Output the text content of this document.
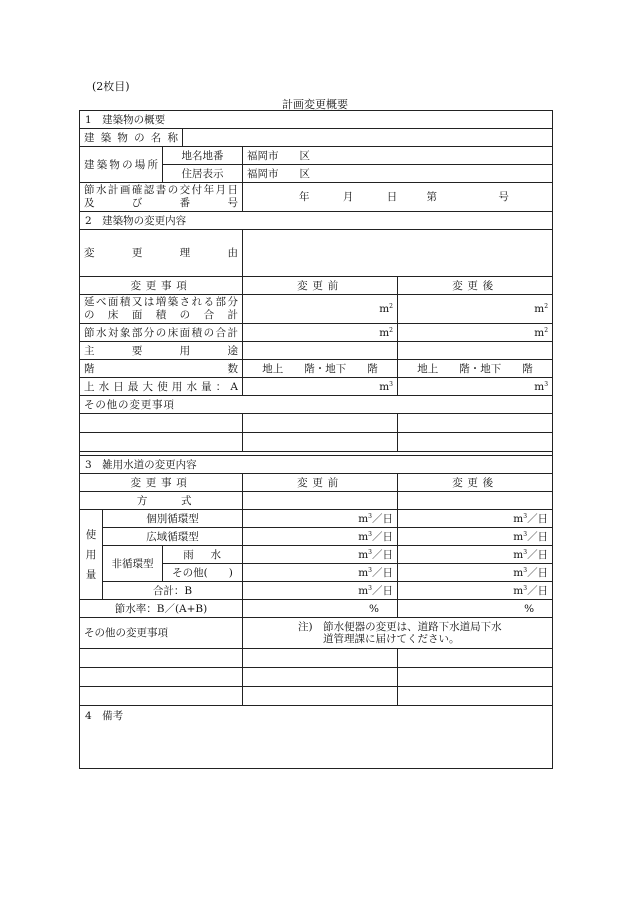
(2枚目)
計画変更概要
1　建築物の概要					
建築物の名称					
建築物の場所		地名地番		福岡市　　区	
		住居表示		福岡市　　区	

節水計画確認書の交付年月日
及び番号				年 月 日 第 号	
2　建築物の変更内容					
変更理由					
変更事項				変更前	変更後

延べ面積又は増築される部分
の床面積の合計				$m^2$	$m^2$
節水対象部分の床面積の合計				$m^2$	$m^2$
主要用途					
階 数				地上　　階・地下　　階	地上　　階・地下　　階
上水日最大使用水量：A				$m^3$	$m^3$
その他の変更事項					

3　雑用水道の変更内容					
変更事項				変更前	変更後
方式					

使
用
量	個別循環型			$m^3/$日	$m^3/$日
	広域循環型			$m^3/$日	$m^3/$日
	非循環型	雨水		$m^3/$日	$m^3/$日
		その他(　　)		$m^3/$日	$m^3/$日
	合計：B			$m^3/$日	$m^3/$日
節水率：B／(A+B)				%	%
その他の変更事項				注)　節水便器の変更は、道路下水道局下水
道管理課に届けてください。	

4　備考					
